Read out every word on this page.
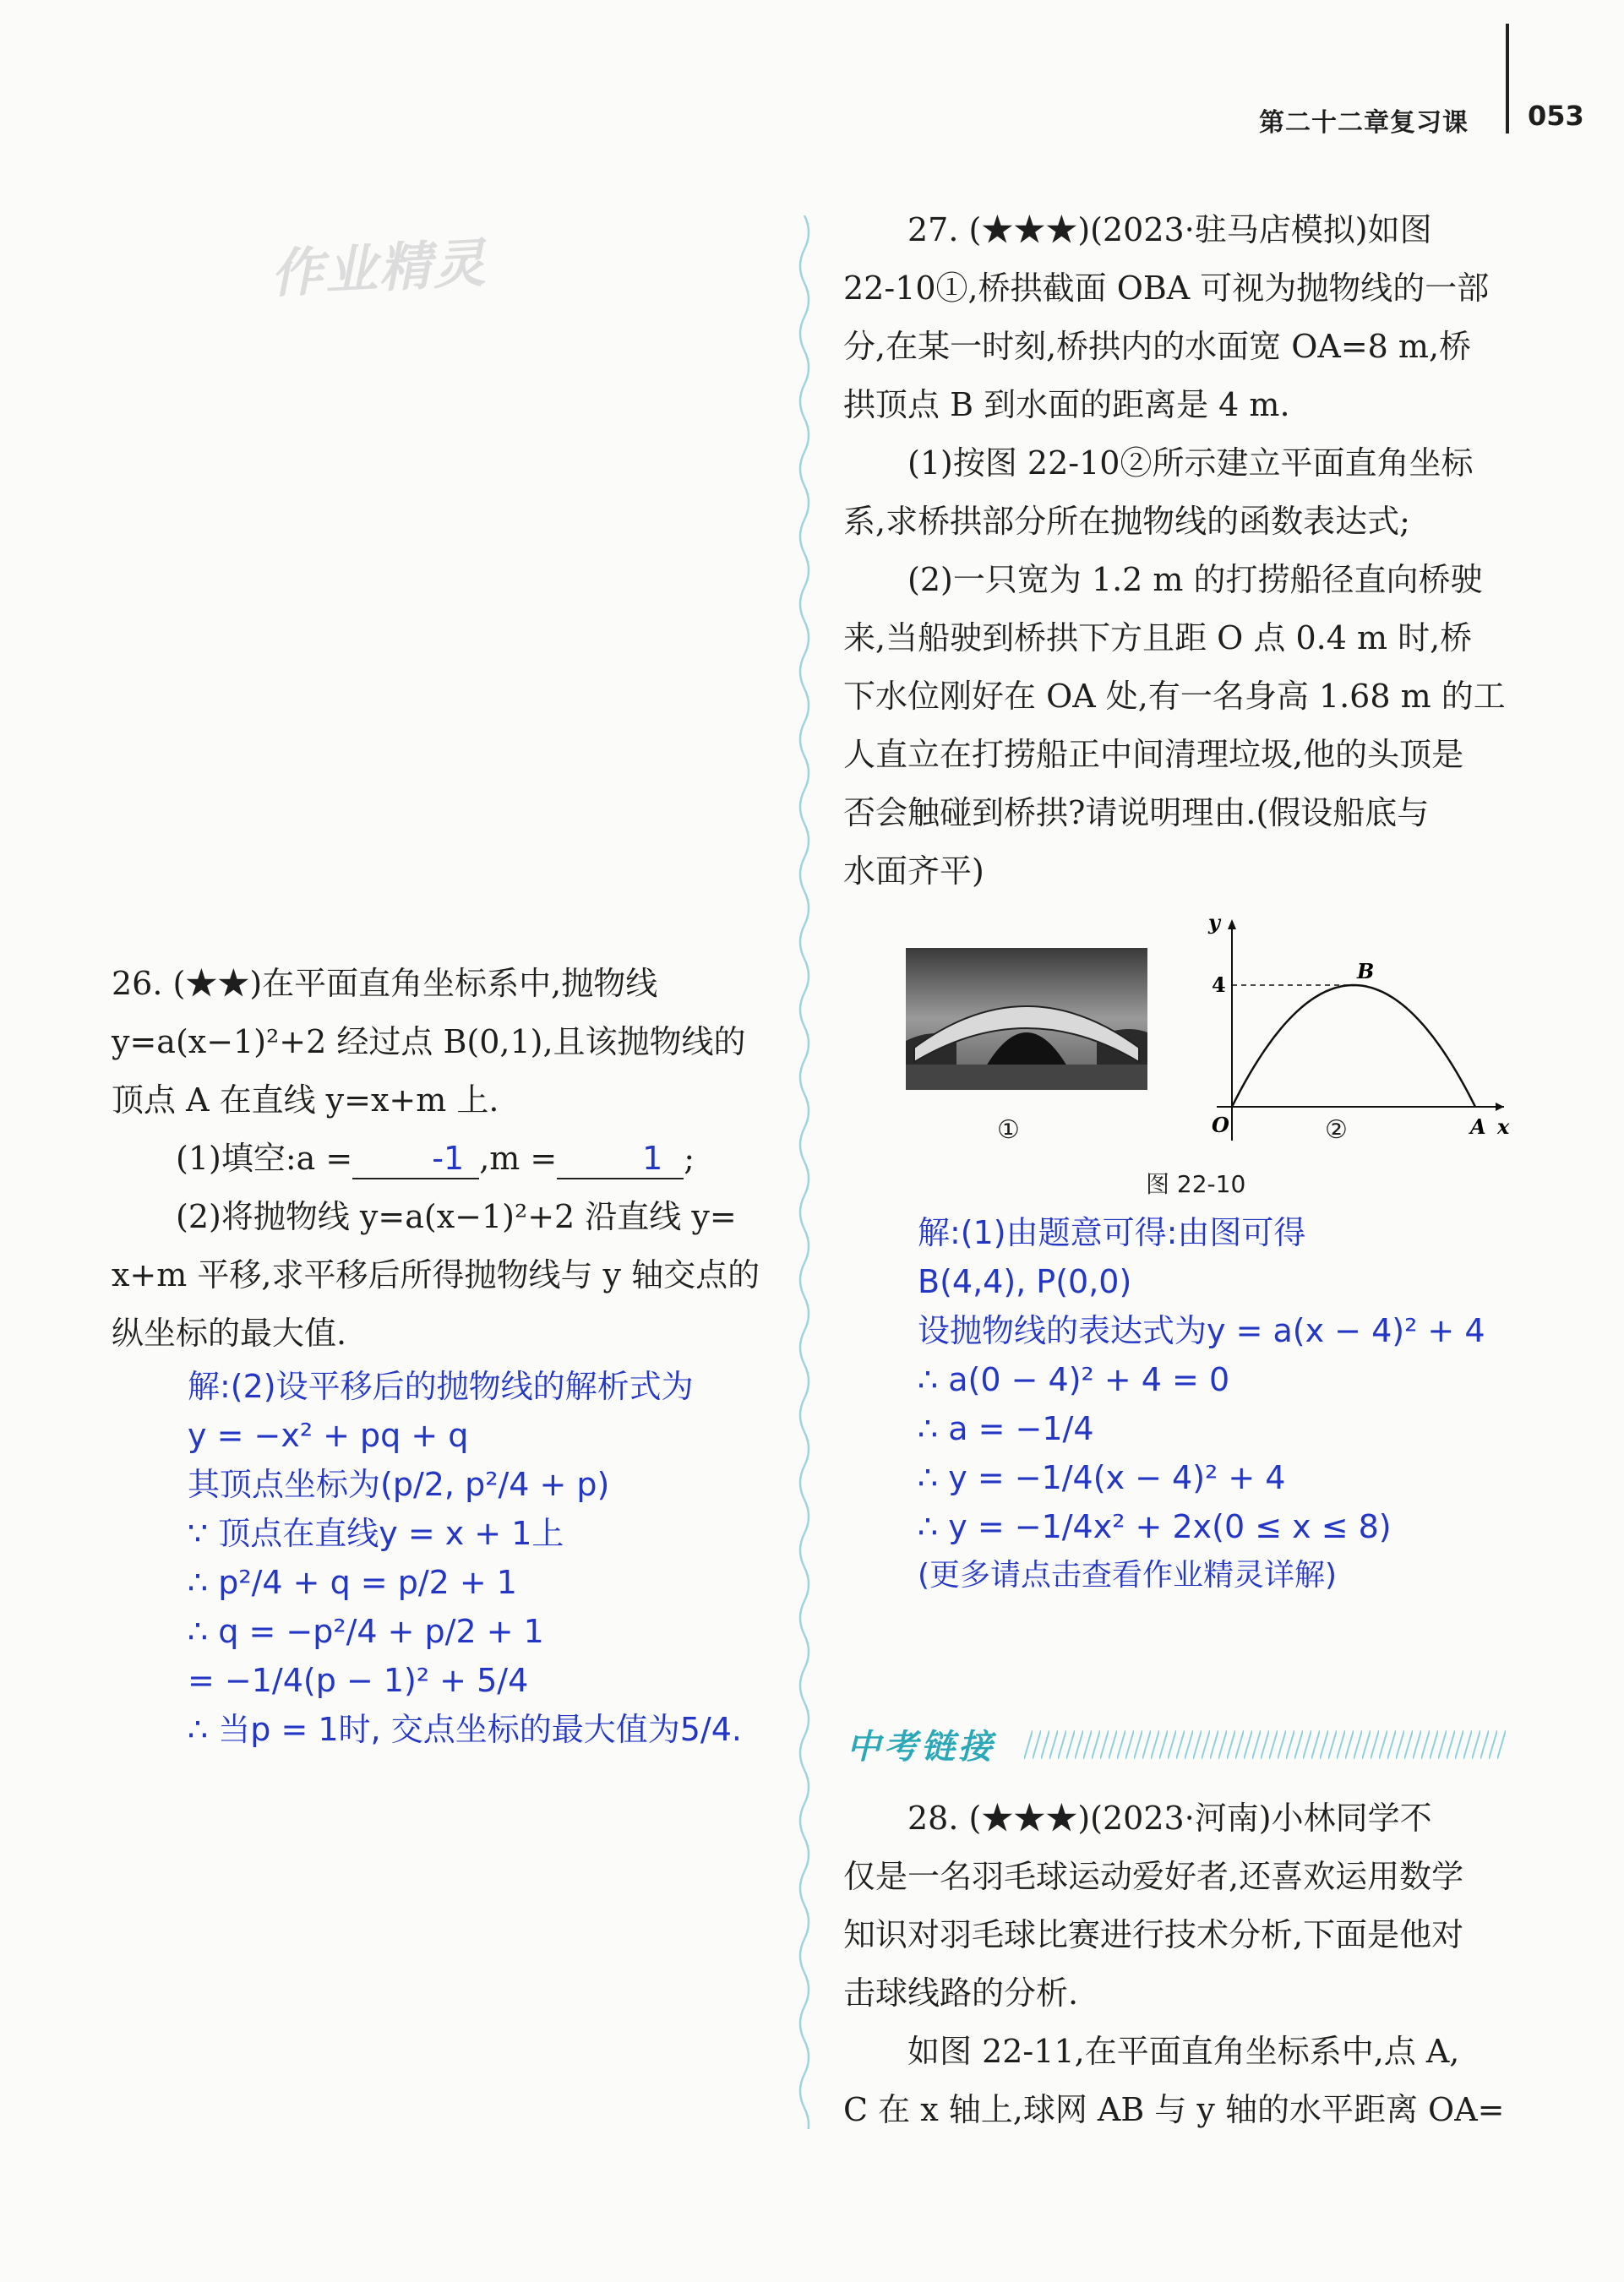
第二十二章复习课 053
作业精灵
26. (★★)在平面直角坐标系中,抛物线
y=a(x−1)²+2 经过点 B(0,1),且该抛物线的
顶点 A 在直线 y=x+m 上.
(1)填空:a = -1 ,m =	1 ;
(2)将抛物线 y=a(x−1)²+2 沿直线 y=
x+m 平移,求平移后所得抛物线与 y 轴交点的
纵坐标的最大值.
解:(2)设平移后的抛物线的解析式为
y = −x² + pq + q
其顶点坐标为(p/2, p²/4 + p)
∵ 顶点在直线y = x + 1上
∴ p²/4 + q = p/2 + 1
∴ q = −p²/4 + p/2 + 1
= −1/4(p − 1)² + 5/4
∴ 当p = 1时, 交点坐标的最大值为5/4.
27. (★★★)(2023·驻马店模拟)如图
22-10①,桥拱截面 OBA 可视为抛物线的一部
分,在某一时刻,桥拱内的水面宽 OA=8 m,桥
拱顶点 B 到水面的距离是 4 m.
(1)按图 22-10②所示建立平面直角坐标
系,求桥拱部分所在抛物线的函数表达式;
(2)一只宽为 1.2 m 的打捞船径直向桥驶
来,当船驶到桥拱下方且距 O 点 0.4 m 时,桥
下水位刚好在 OA 处,有一名身高 1.68 m 的工
人直立在打捞船正中间清理垃圾,他的头顶是
否会触碰到桥拱?请说明理由.(假设船底与
水面齐平)
y
x
O	A
B
4
①	②
图 22-10
解:(1)由题意可得:由图可得
B(4,4), P(0,0)
设抛物线的表达式为y = a(x − 4)² + 4
∴ a(0 − 4)² + 4 = 0
∴ a = −1/4
∴ y = −1/4(x − 4)² + 4
∴ y = −1/4x² + 2x(0 ≤ x ≤ 8)
(更多请点击查看作业精灵详解)
中考链接
28. (★★★)(2023·河南)小林同学不
仅是一名羽毛球运动爱好者,还喜欢运用数学
知识对羽毛球比赛进行技术分析,下面是他对
击球线路的分析.
如图 22-11,在平面直角坐标系中,点 A,
C 在 x 轴上,球网 AB 与 y 轴的水平距离 OA=
